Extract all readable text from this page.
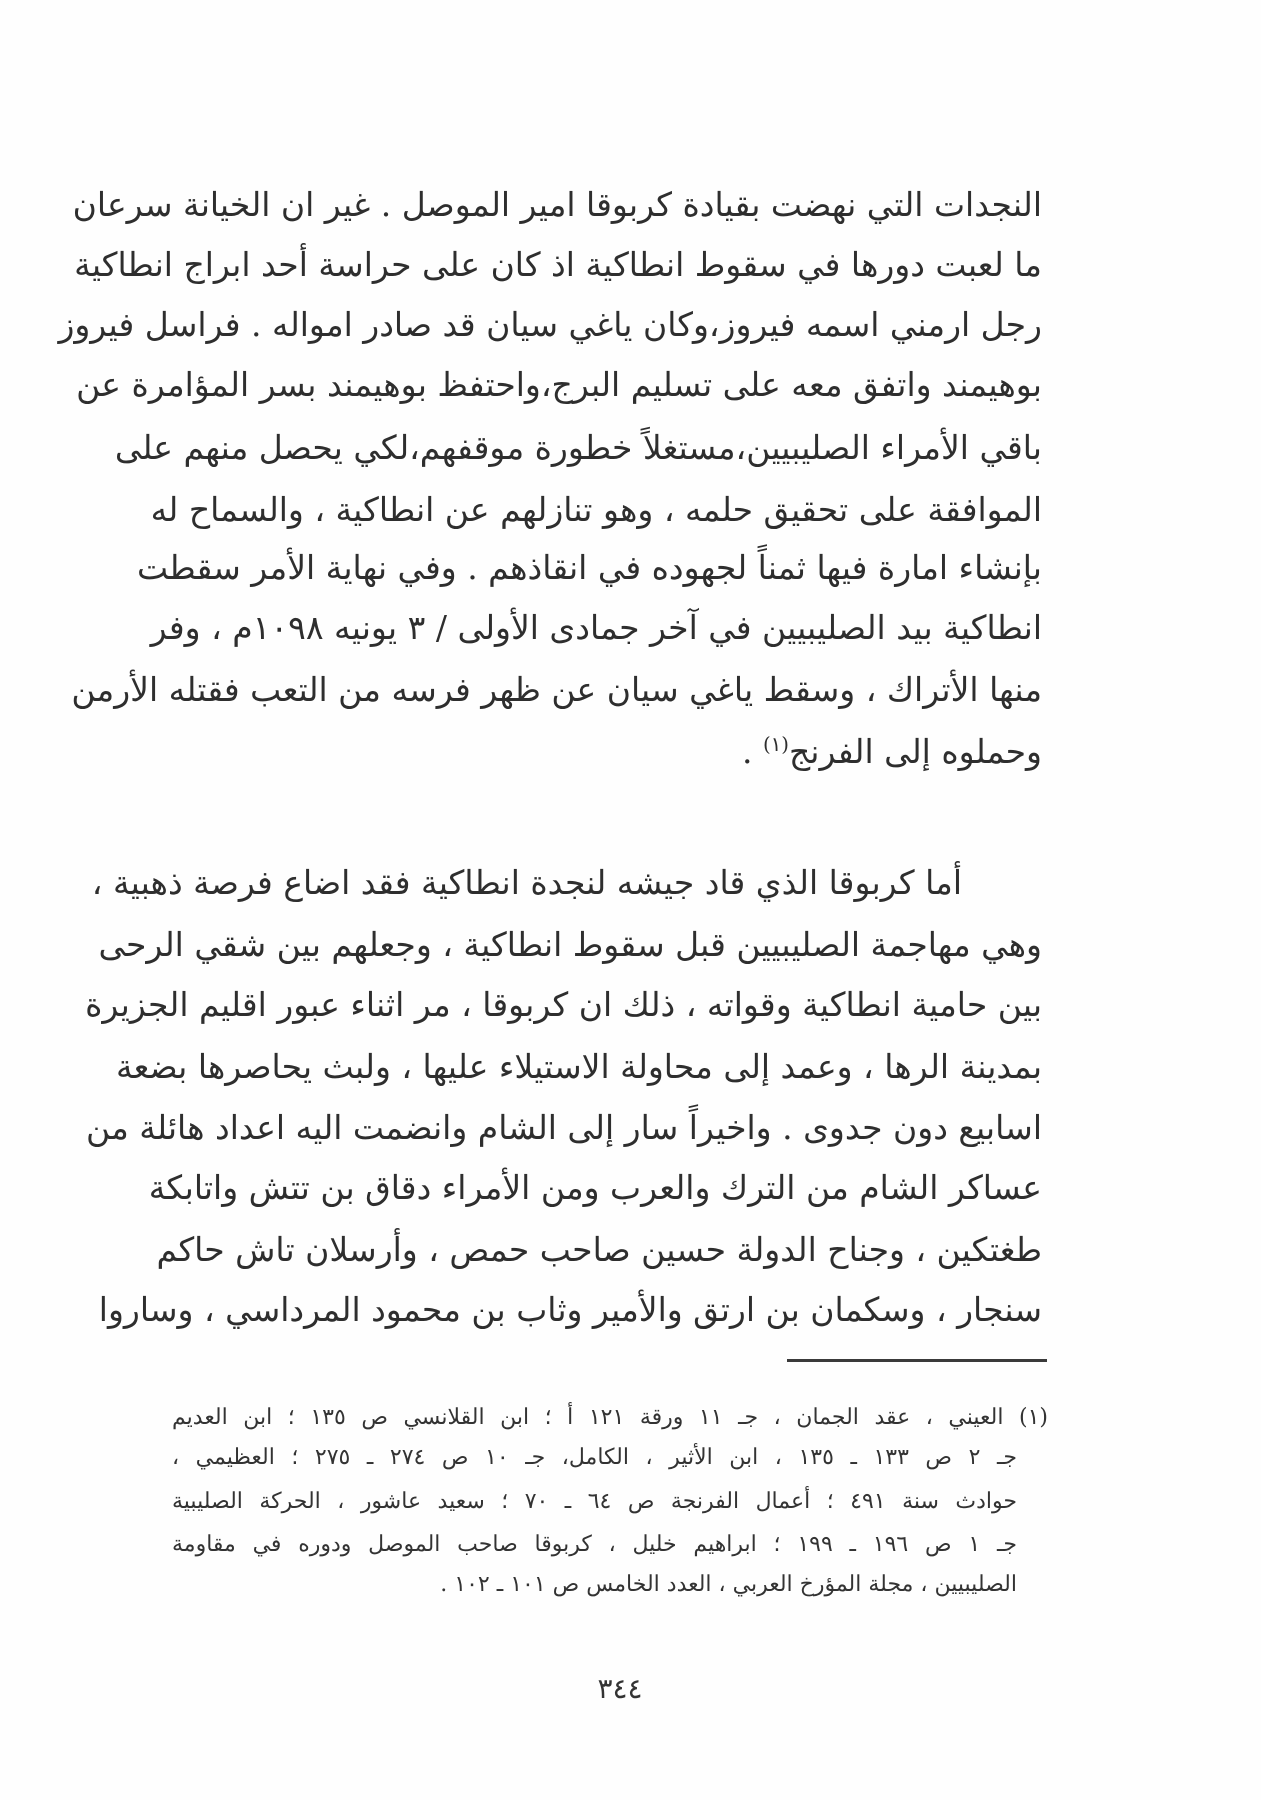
النجدات التي نهضت بقيادة كربوقا امير الموصل . غير ان الخيانة سرعان
ما لعبت دورها في سقوط انطاكية اذ كان على حراسة أحد ابراج انطاكية
رجل ارمني اسمه فيروز،وكان ياغي سيان قد صادر امواله . فراسل فيروز
بوهيمند واتفق معه على تسليم البرج،واحتفظ بوهيمند بسر المؤامرة عن
باقي الأمراء الصليبيين،مستغلاً خطورة موقفهم،لكي يحصل منهم على
الموافقة على تحقيق حلمه ، وهو تنازلهم عن انطاكية ، والسماح له
بإنشاء امارة فيها ثمناً لجهوده في انقاذهم . وفي نهاية الأمر سقطت
انطاكية بيد الصليبيين في آخر جمادى الأولى / ٣ يونيه ١٠٩٨م ، وفر
منها الأتراك ، وسقط ياغي سيان عن ظهر فرسه من التعب فقتله الأرمن
وحملوه إلى الفرنج$^{(١)}$ .
أما كربوقا الذي قاد جيشه لنجدة انطاكية فقد اضاع فرصة ذهبية ،
وهي مهاجمة الصليبيين قبل سقوط انطاكية ، وجعلهم بين شقي الرحى
بين حامية انطاكية وقواته ، ذلك ان كربوقا ، مر اثناء عبور اقليم الجزيرة
بمدينة الرها ، وعمد إلى محاولة الاستيلاء عليها ، ولبث يحاصرها بضعة
اسابيع دون جدوى . واخيراً سار إلى الشام وانضمت اليه اعداد هائلة من
عساكر الشام من الترك والعرب ومن الأمراء دقاق بن تتش واتابكة
طغتكين ، وجناح الدولة حسين صاحب حمص ، وأرسلان تاش حاكم
سنجار ، وسكمان بن ارتق والأمير وثاب بن محمود المرداسي ، وساروا
(١) العيني ، عقد الجمان ، جـ ١١ ورقة ١٢١ أ ؛ ابن القلانسي ص ١٣٥ ؛ ابن العديم
جـ ٢ ص ١٣٣ ـ ١٣٥ ، ابن الأثير ، الكامل، جـ ١٠ ص ٢٧٤ ـ ٢٧٥ ؛ العظيمي ،
حوادث سنة ٤٩١ ؛ أعمال الفرنجة ص ٦٤ ـ ٧٠ ؛ سعيد عاشور ، الحركة الصليبية
جـ ١ ص ١٩٦ ـ ١٩٩ ؛ ابراهيم خليل ، كربوقا صاحب الموصل ودوره في مقاومة
الصليبيين ، مجلة المؤرخ العربي ، العدد الخامس ص ١٠١ ـ ١٠٢ .
٣٤٤
